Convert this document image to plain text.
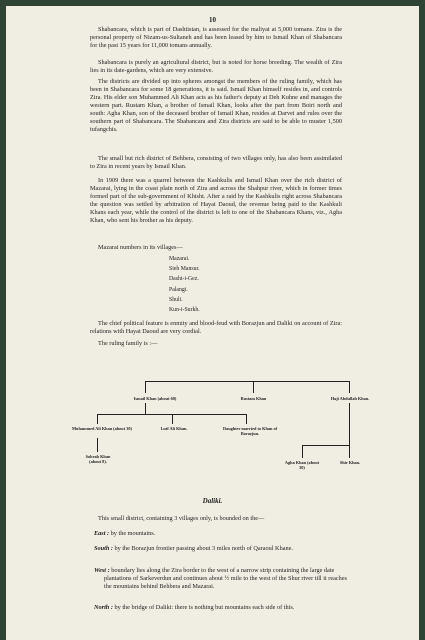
10

Shabancara, which is part of Dashtistan, is assessed for the maliyat at 5,000 tomans. Zira is the personal property of Nizam-us-Sultaneh and has been leased by him to Ismail Khan of Shabancara for the past 15 years for 11,000 tomans annually.

Shabancara is purely an agricultural district, but is noted for horse breeding. The wealth of Zira lies in its date-gardens, which are very extensive.

The districts are divided up into spheres amongst the members of the ruling family, which has been in Shabancara for some 18 generations, it is said. Ismail Khan himself resides in, and controls Zira. His elder son Muhammed Ali Khan acts as his father's deputy at Deh Kuhne and manages the western part. Rustam Khan, a brother of Ismail Khan, looks after the part from Boiri north and south: Agha Khan, son of the deceased brother of Ismail Khan, resides at Darvei and rules over the southern part of Shabancara. The Shabancara and Zira districts are said to be able to muster 1,500 tufangchis.

The small but rich district of Behbera, consisting of two villages only, has also been assimilated to Zira in recent years by Ismail Khan.

In 1909 there was a quarrel between the Kashkulis and Ismail Khan over the rich district of Mazarai, lying in the coast plain north of Zira and across the Shahpur river, which in former times formed part of the sub-government of Khisht. After a raid by the Kashkulis right across Shabancara the question was settled by arbitration of Hayat Daoud, the revenue being paid to the Kashkuli Khans each year, while the control of the district is left to one of the Shabancara Khans, viz., Agha Khan, who sent his brother as his deputy.

Mazarai numbers in its villages—

Mazarai.
Sieh Mansur.
Dasht-i-Gez.
Palangi.
Shuli.
Kun-i-Surkh.

The chief political feature is enmity and blood-feud with Borazjun and Daliki on account of Zira: relations with Hayat Daoud are very cordial.

The ruling family is :—

Ismail Khan (about 60)	Rustam Khan	Haji Abdullah Khan.
Muhammed Ali Khan (about 30)	Lutf Ali Khan.	Daughter married to Khan of Borazjun.
Sohrab Khan (about 8).	Agha Khan (about 30)
Shir Khan.
Daliki.

This small district, containing 3 villages only, is bounded on the—

East : by the mountains.

South : by the Borazjun frontier passing about 3 miles north of Qaraoul Khane.

West : boundary lies along the Zira border to the west of a narrow strip containing the large date plantations of Sarkeverdun and continues about ½ mile to the west of the Shur river till it reaches the mountains behind Behbera and Mazarai.

North : by the bridge of Daliki: there is nothing but mountains each side of this.
